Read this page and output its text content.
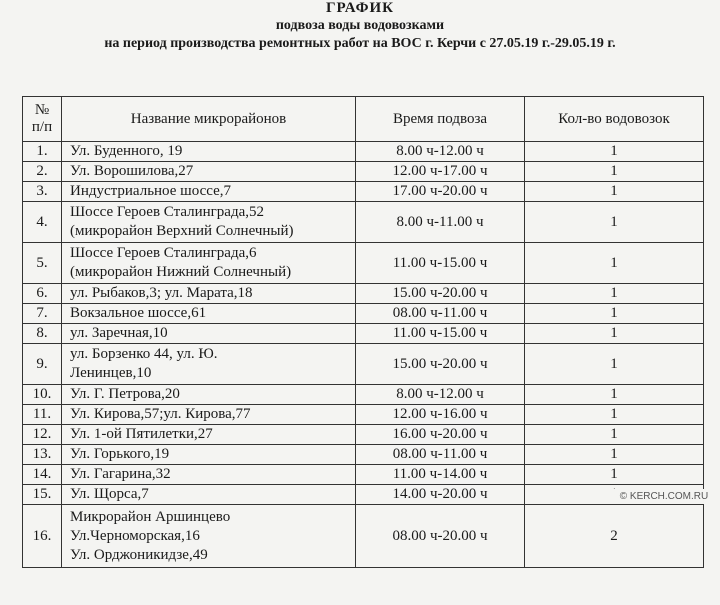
ГРАФИК
подвоза воды водовозками
на период производства ремонтных работ на ВОС г. Керчи с 27.05.19 г.-29.05.19 г.
№
п/п	Название микрорайонов	Время подвоза	Кол-во водовозок
1.	Ул. Буденного, 19	8.00 ч-12.00 ч	1
2.	Ул. Ворошилова,27	12.00 ч-17.00 ч	1
3.	Индустриальное шоссе,7	17.00 ч-20.00 ч	1
4.	Шоссе Героев Сталинграда,52
(микрорайон Верхний Солнечный)	8.00 ч-11.00 ч	1
5.	Шоссе Героев Сталинграда,6
(микрорайон Нижний Солнечный)	11.00 ч-15.00 ч	1
6.	ул. Рыбаков,3; ул. Марата,18	15.00 ч-20.00 ч	1
7.	Вокзальное шоссе,61	08.00 ч-11.00 ч	1
8.	ул. Заречная,10	11.00 ч-15.00 ч	1
9.	ул. Борзенко 44, ул. Ю.
Ленинцев,10	15.00 ч-20.00 ч	1
10.	Ул. Г. Петрова,20	8.00 ч-12.00 ч	1
11.	Ул. Кирова,57;ул. Кирова,77	12.00 ч-16.00 ч	1
12.	Ул. 1-ой Пятилетки,27	16.00 ч-20.00 ч	1
13.	Ул. Горького,19	08.00 ч-11.00 ч	1
14.	Ул. Гагарина,32	11.00 ч-14.00 ч	1
15.	Ул. Щорса,7	14.00 ч-20.00 ч	
16.	Микрорайон Аршинцево
Ул.Черноморская,16
Ул. Орджоникидзе,49	08.00 ч-20.00 ч	2
© KERCH.COM.RU
